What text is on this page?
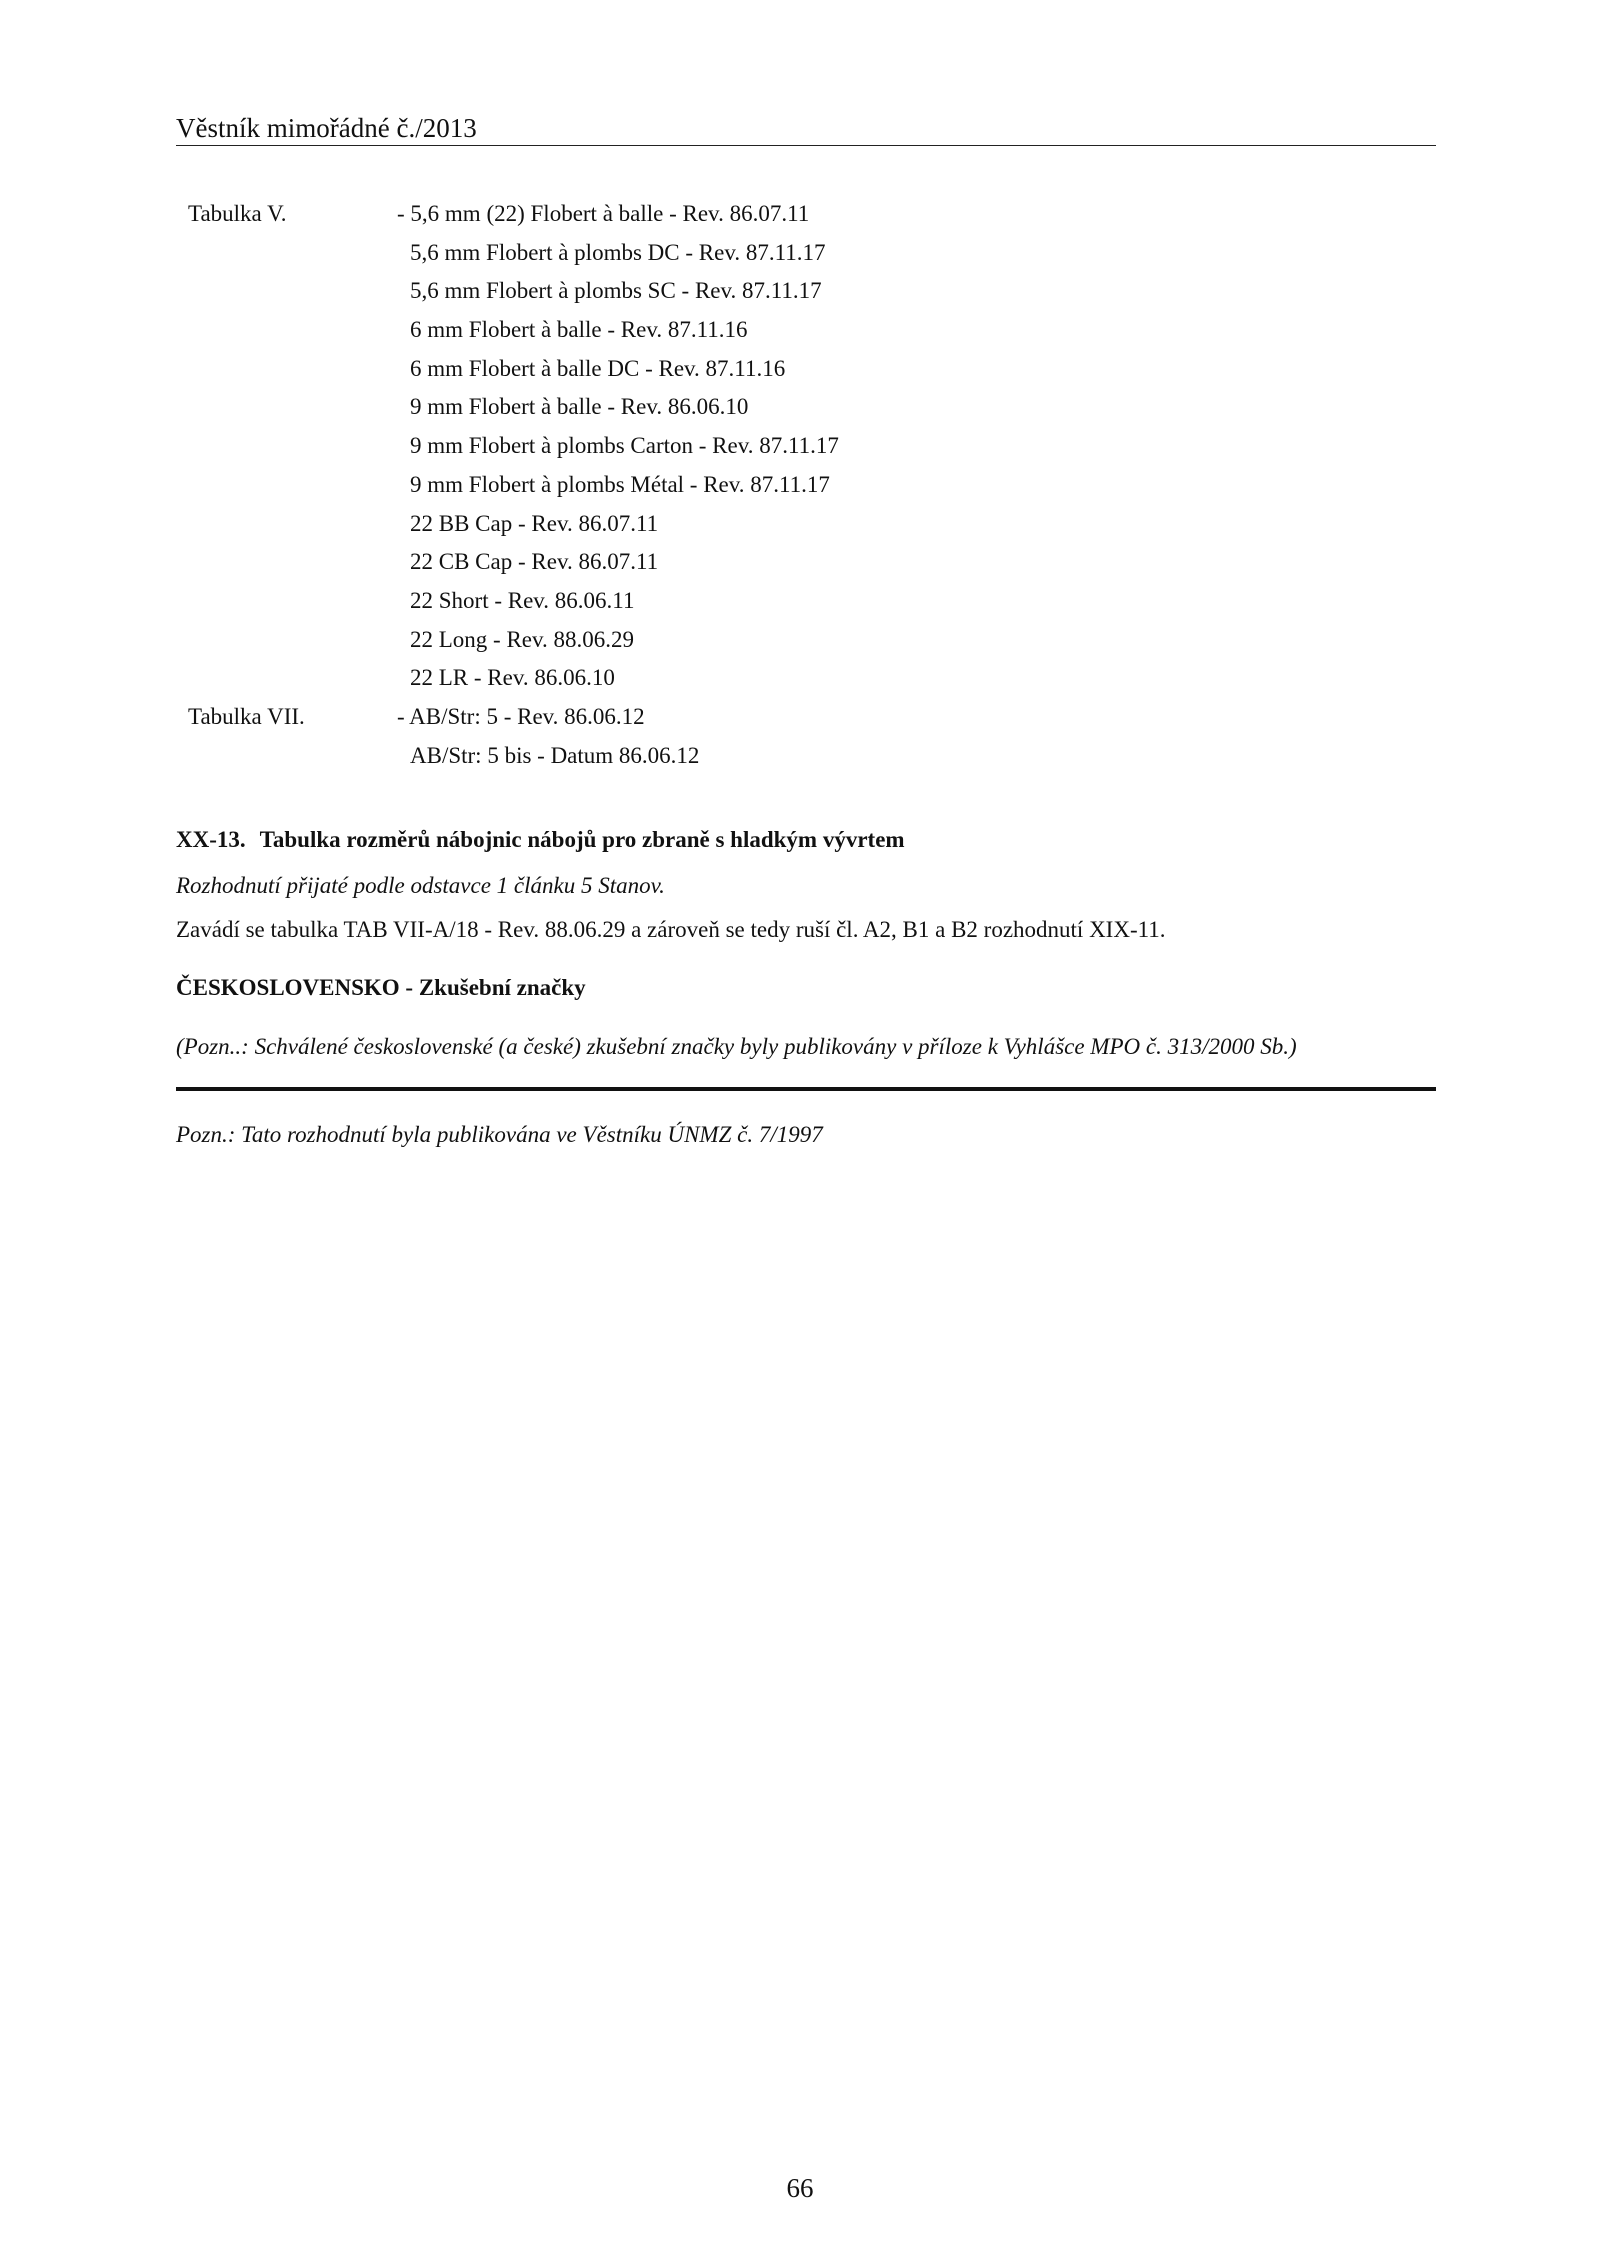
Věstník mimořádné č./2013
Tabulka V.	- 5,6 mm (22) Flobert à balle - Rev. 86.07.11
5,6 mm Flobert à plombs DC - Rev. 87.11.17
5,6 mm Flobert à plombs SC - Rev. 87.11.17
6 mm Flobert à balle - Rev. 87.11.16
6 mm Flobert à balle DC - Rev. 87.11.16
9 mm Flobert à balle - Rev. 86.06.10
9 mm Flobert à plombs Carton - Rev. 87.11.17
9 mm Flobert à plombs Métal - Rev. 87.11.17
22 BB Cap - Rev. 86.07.11
22 CB Cap - Rev. 86.07.11
22 Short - Rev. 86.06.11
22 Long - Rev. 88.06.29
22 LR - Rev. 86.06.10
Tabulka VII.	- AB/Str: 5 - Rev. 86.06.12
AB/Str: 5 bis - Datum 86.06.12
XX-13. Tabulka rozměrů nábojnic nábojů pro zbraně s hladkým vývrtem
Rozhodnutí přijaté podle odstavce 1 článku 5 Stanov.
Zavádí se tabulka TAB VII-A/18 - Rev. 88.06.29 a zároveň se tedy ruší čl. A2, B1 a B2 rozhodnutí XIX-11.
ČESKOSLOVENSKO - Zkušební značky
(Pozn..: Schválené československé (a české) zkušební značky byly publikovány v příloze k Vyhlášce MPO č. 313/2000 Sb.)
Pozn.: Tato rozhodnutí byla publikována ve Věstníku ÚNMZ č. 7/1997
66
